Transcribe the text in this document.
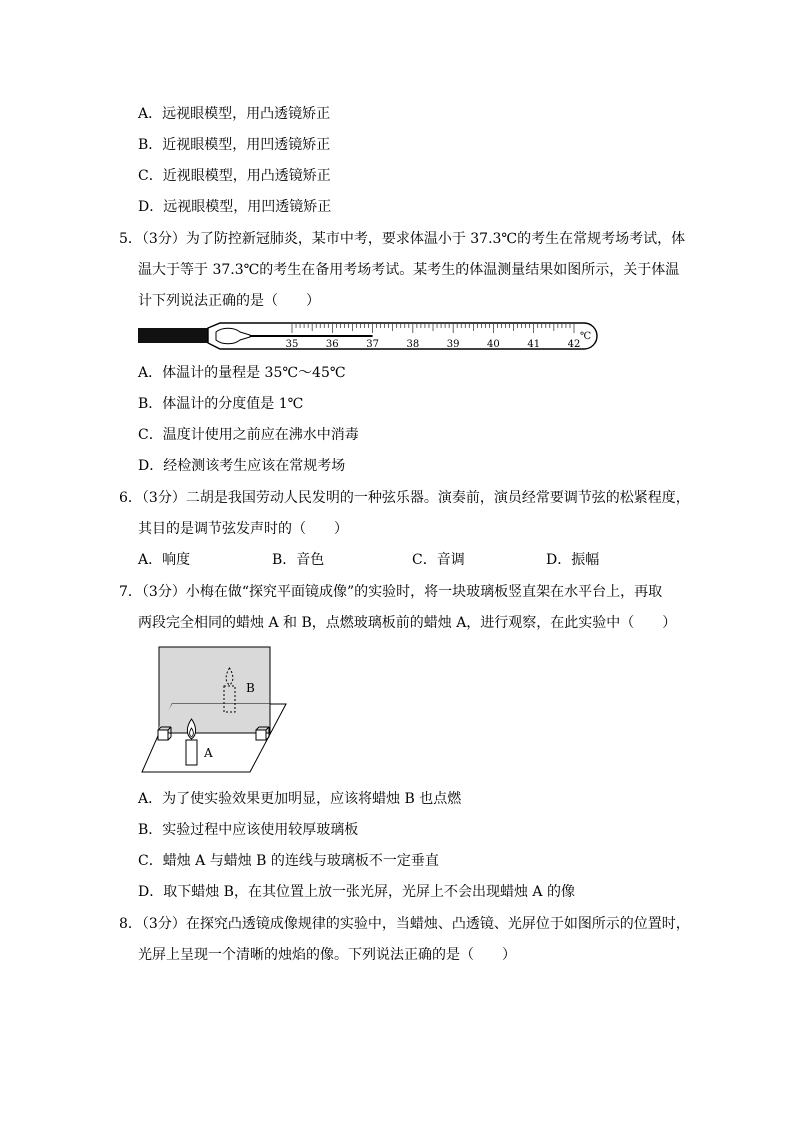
A．远视眼模型，用凸透镜矫正
B．近视眼模型，用凹透镜矫正
C．近视眼模型，用凸透镜矫正
D．远视眼模型，用凹透镜矫正
5．（3分）为了防控新冠肺炎，某市中考，要求体温小于 37.3℃的考生在常规考场考试，体
温大于等于 37.3℃的考生在备用考场考试。某考生的体温测量结果如图所示，关于体温
计下列说法正确的是（　　）
35	36	37	38	39	40	41	42
℃
A．体温计的量程是 35℃～45℃
B．体温计的分度值是 1℃
C．温度计使用之前应在沸水中消毒
D．经检测该考生应该在常规考场
6．（3分）二胡是我国劳动人民发明的一种弦乐器。演奏前，演员经常要调节弦的松紧程度，
其目的是调节弦发声时的（　　）
A．响度	B．音色	C．音调	D．振幅
7．（3分）小梅在做“探究平面镜成像”的实验时，将一块玻璃板竖直架在水平台上，再取
两段完全相同的蜡烛 A 和 B，点燃玻璃板前的蜡烛 A，进行观察，在此实验中（　　）
B
A
A．为了使实验效果更加明显，应该将蜡烛 B 也点燃
B．实验过程中应该使用较厚玻璃板
C．蜡烛 A 与蜡烛 B 的连线与玻璃板不一定垂直
D．取下蜡烛 B，在其位置上放一张光屏，光屏上不会出现蜡烛 A 的像
8．（3分）在探究凸透镜成像规律的实验中，当蜡烛、凸透镜、光屏位于如图所示的位置时，
光屏上呈现一个清晰的烛焰的像。下列说法正确的是（　　）
